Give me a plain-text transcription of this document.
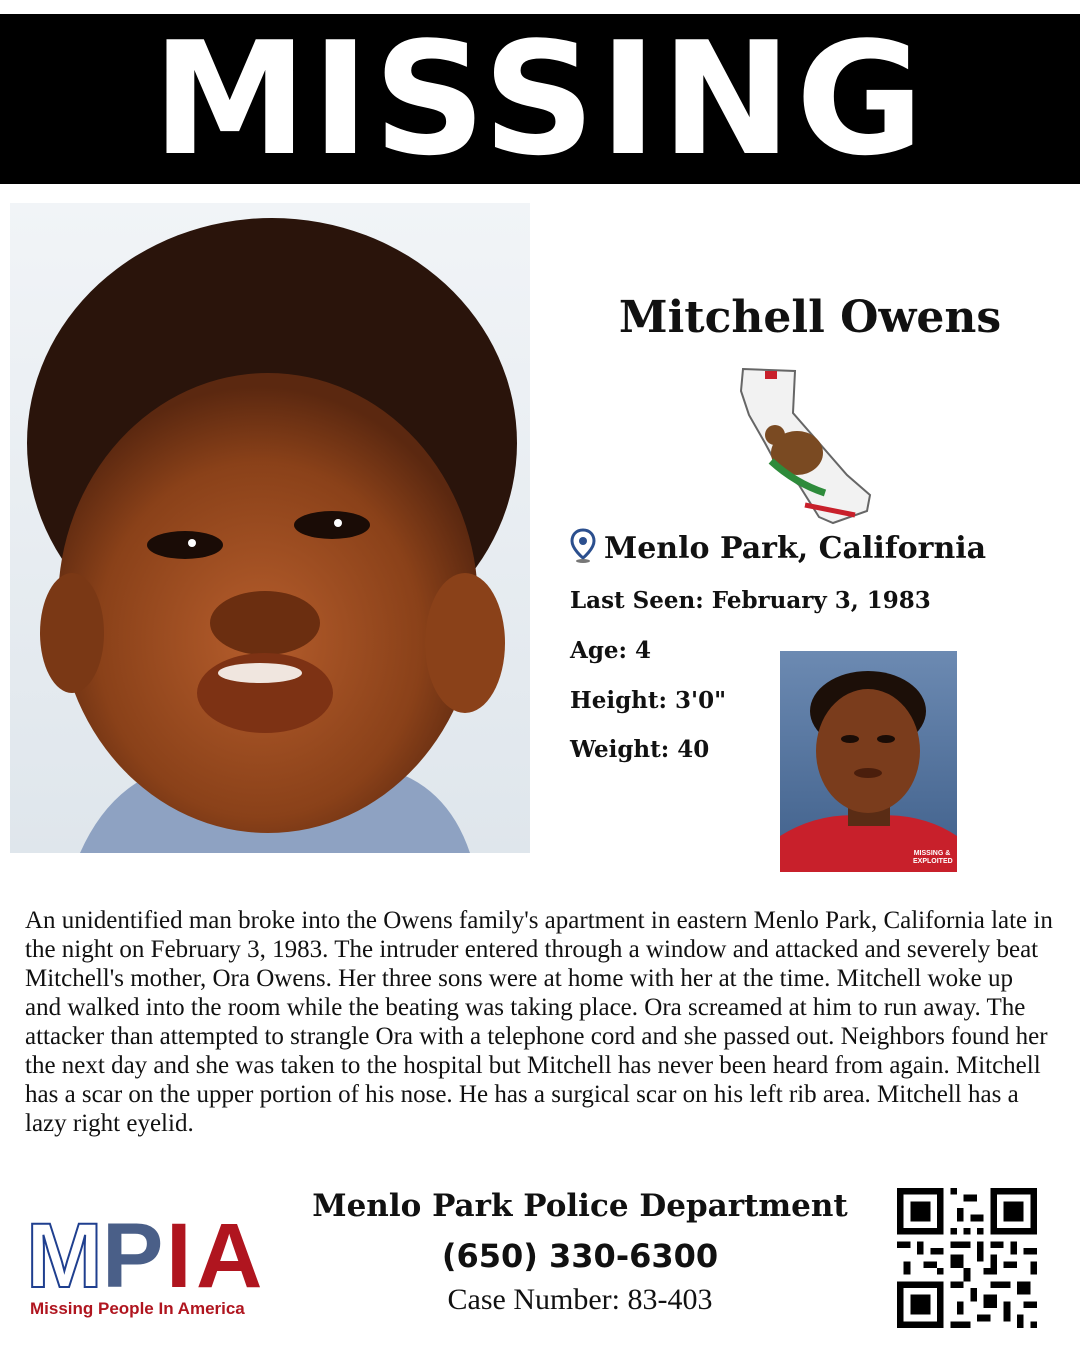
MISSING
Mitchell Owens
Menlo Park, California
Last Seen: February 3, 1983
Age: 4
Height: 3'0"
Weight: 40
MISSING & EXPLOITED

An unidentified man broke into the Owens family's apartment in eastern Menlo Park, California late in the night on February 3, 1983. The intruder entered through a window and attacked and severely beat Mitchell's mother, Ora Owens. Her three sons were at home with her at the time. Mitchell woke up and walked into the room while the beating was taking place. Ora screamed at him to run away. The attacker than attempted to strangle Ora with a telephone cord and she passed out. Neighbors found her the next day and she was taken to the hospital but Mitchell has never been heard from again. Mitchell has a scar on the upper portion of his nose. He has a surgical scar on his left rib area. Mitchell has a lazy right eyelid.

M P I A
Missing People In America
Menlo Park Police Department
(650) 330-6300
Case Number: 83-403
